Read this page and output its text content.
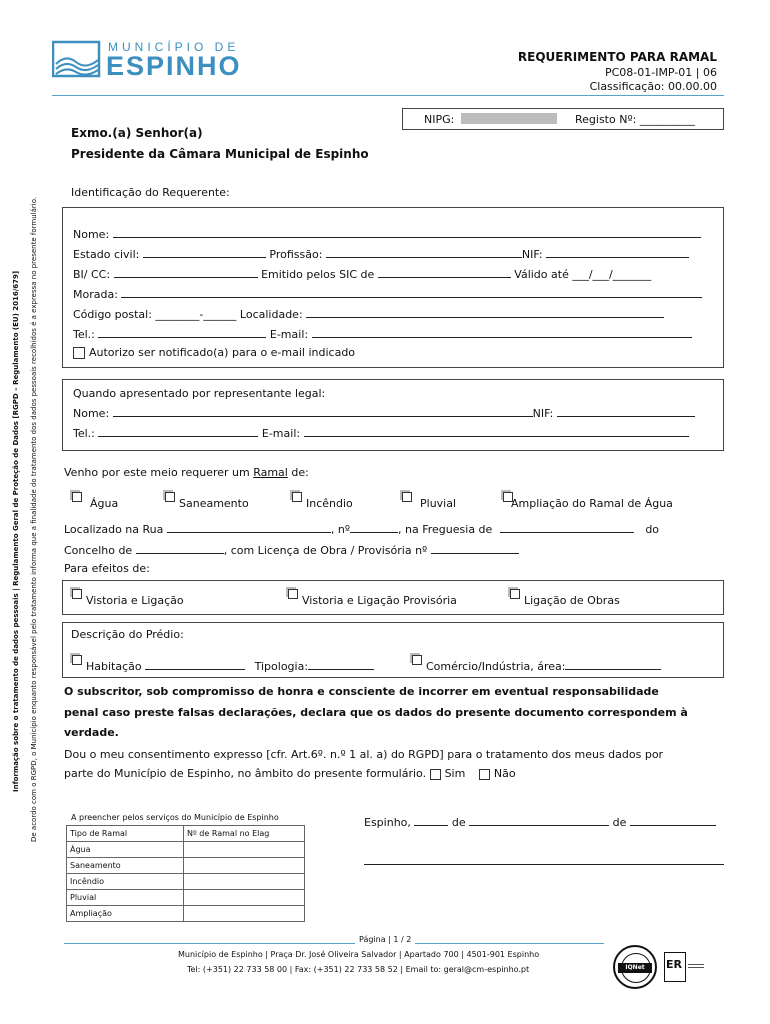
MUNICÍPIO DE
ESPINHO	REQUERIMENTO PARA RAMAL
PC08-01-IMP-01 | 06
Classificação: 00.00.00
NIPG:	Registo Nº: __________
Exmo.(a) Senhor(a)
Presidente da Câmara Municipal de Espinho
Identificação do Requerente:
Nome:
Estado civil:	Profissão:	NIF:
BI/ CC:	Emitido pelos SIC de	Válido até ___/___/_______
Morada:
Código postal: ________-______ Localidade:
Tel.:	E-mail:
Autorizo ser notificado(a) para o e-mail indicado
Quando apresentado por representante legal:
Nome:	NIF:
Tel.:	E-mail:
Venho por este meio requerer um Ramal de:
Água	Saneamento	Incêndio	Pluvial	Ampliação do Ramal de Água
Localizado na Rua	, nº	, na Freguesia de	do
Concelho de	, com Licença de Obra / Provisória nº
Para efeitos de:
Vistoria e Ligação	Vistoria e Ligação Provisória	Ligação de Obras
Descrição do Prédio:
Habitação	Tipologia:	Comércio/Indústria, área:
O subscritor, sob compromisso de honra e consciente de incorrer em eventual responsabilidade
penal caso preste falsas declarações, declara que os dados do presente documento correspondem à
verdade.
Dou o meu consentimento expresso [cfr. Art.6º. n.º 1 al. a) do RGPD] para o tratamento dos meus dados por
parte do Município de Espinho, no âmbito do presente formulário. Sim	Não
A preencher pelos serviços do Município de Espinho
Tipo de Ramal	Nº de Ramal no Elag
Água	
Saneamento	
Incêndio	
Pluvial	
Ampliação	
Espinho,	de	de
Página | 1 / 2
Município de Espinho | Praça Dr. José Oliveira Salvador | Apartado 700 | 4501-901 Espinho
Tel: (+351) 22 733 58 00 | Fax: (+351) 22 733 58 52 | Email to: geral@cm-espinho.pt	IQNet	ER
Informação sobre o tratamento de dados pessoais | Regulamento Geral de Proteção de Dados [RGPD – Regulamento (EU) 2016/679] De acordo com o RGPD, o Município enquanto responsável pelo tratamento informa que a finalidade do tratamento dos dados pessoais recolhidos é a expressa no presente formulário.
